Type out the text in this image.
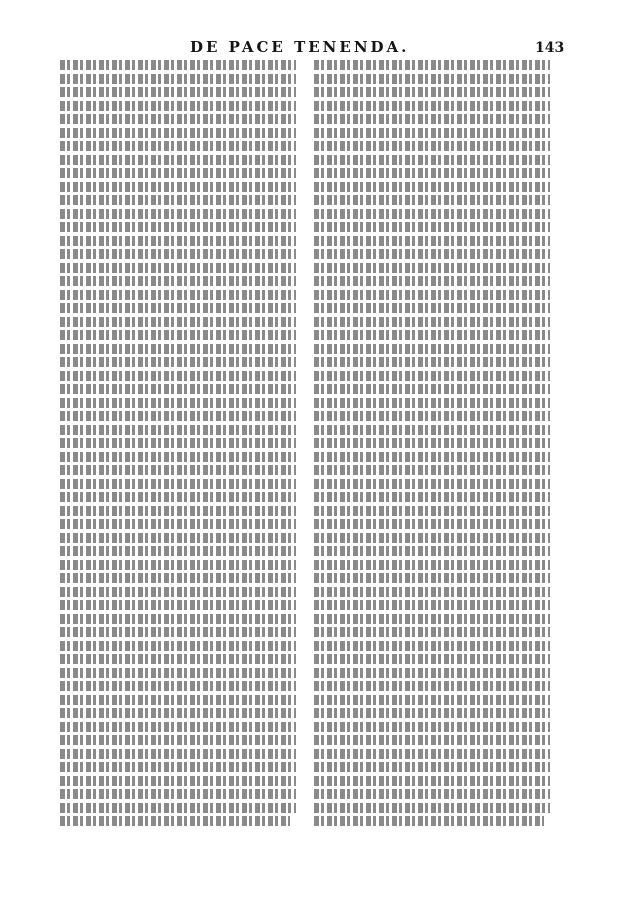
DE PACE TENENDA.	143
